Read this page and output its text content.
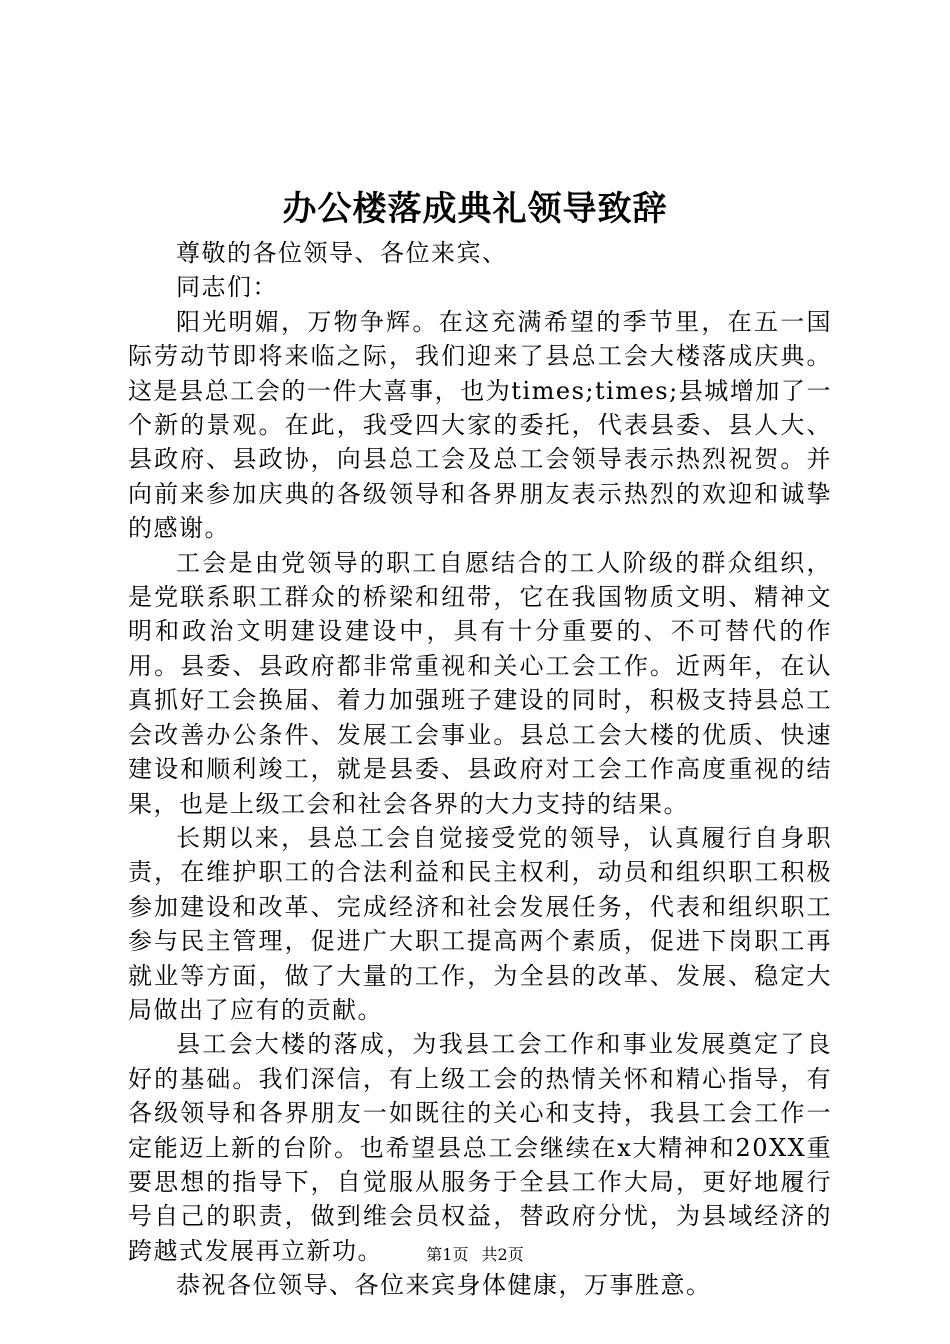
办公楼落成典礼领导致辞

尊敬的各位领导、各位来宾、

同志们：

阳光明媚，万物争辉。在这充满希望的季节里，在五一国际劳动节即将来临之际，我们迎来了县总工会大楼落成庆典。这是县总工会的一件大喜事，也为times;times;县城增加了一个新的景观。在此，我受四大家的委托，代表县委、县人大、县政府、县政协，向县总工会及总工会领导表示热烈祝贺。并向前来参加庆典的各级领导和各界朋友表示热烈的欢迎和诚挚的感谢。

工会是由党领导的职工自愿结合的工人阶级的群众组织，是党联系职工群众的桥梁和纽带，它在我国物质文明、精神文明和政治文明建设建设中，具有十分重要的、不可替代的作用。县委、县政府都非常重视和关心工会工作。近两年，在认真抓好工会换届、着力加强班子建设的同时，积极支持县总工会改善办公条件、发展工会事业。县总工会大楼的优质、快速建设和顺利竣工，就是县委、县政府对工会工作高度重视的结果，也是上级工会和社会各界的大力支持的结果。

长期以来，县总工会自觉接受党的领导，认真履行自身职责，在维护职工的合法利益和民主权利，动员和组织职工积极参加建设和改革、完成经济和社会发展任务，代表和组织职工参与民主管理，促进广大职工提高两个素质，促进下岗职工再就业等方面，做了大量的工作，为全县的改革、发展、稳定大局做出了应有的贡献。

县工会大楼的落成，为我县工会工作和事业发展奠定了良好的基础。我们深信，有上级工会的热情关怀和精心指导，有各级领导和各界朋友一如既往的关心和支持，我县工会工作一定能迈上新的台阶。也希望县总工会继续在x大精神和20XX重要思想的指导下，自觉服从服务于全县工作大局，更好地履行号自己的职责，做到维会员权益，替政府分忧，为县域经济的跨越式发展再立新功。

恭祝各位领导、各位来宾身体健康，万事胜意。

第1页 共2页
